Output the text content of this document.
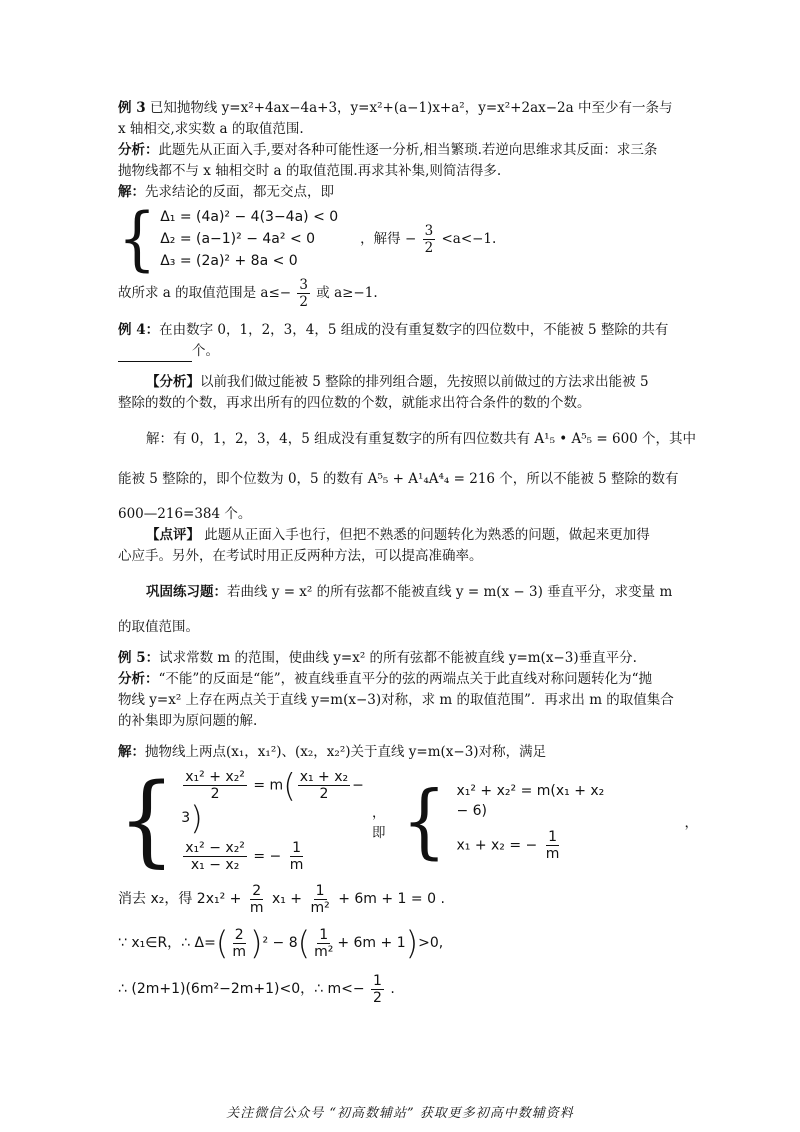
例 3 已知抛物线 y=x²+4ax−4a+3，y=x²+(a−1)x+a²，y=x²+2ax−2a 中至少有一条与

x 轴相交,求实数 a 的取值范围.

分析：此题先从正面入手,要对各种可能性逐一分析,相当繁琐.若逆向思维求其反面：求三条

抛物线都不与 x 轴相交时 a 的取值范围.再求其补集,则简洁得多.

解：先求结论的反面，都无交点，即

{ Δ₁ = (4a)² − 4(3−4a) < 0
Δ₂ = (a−1)² − 4a² < 0
Δ₃ = (2a)² + 8a < 0
，解得 − $\frac{3}{2} <a<-1$.

故所求 a 的取值范围是 $a\le- \frac{3}{2}$ 或 a≥−1.

例 4：在由数字 0，1，2，3，4，5 组成的没有重复数字的四位数中，不能被 5 整除的共有

个。

【分析】以前我们做过能被 5 整除的排列组合题，先按照以前做过的方法求出能被 5

整除的数的个数，再求出所有的四位数的个数，就能求出符合条件的数的个数。

解：有 0，1，2，3，4，5 组成没有重复数字的所有四位数共有 A¹₅ • A⁵₅ = 600 个，其中

能被 5 整除的，即个位数为 0，5 的数有 A⁵₅ + A¹₄A⁴₄ = 216 个，所以不能被 5 整除的数有

600—216=384 个。

【点评】 此题从正面入手也行，但把不熟悉的问题转化为熟悉的问题，做起来更加得

心应手。另外，在考试时用正反两种方法，可以提高准确率。

巩固练习题：若曲线 y = x² 的所有弦都不能被直线 y = m(x − 3) 垂直平分，求变量 m

的取值范围。

例 5：试求常数 m 的范围，使曲线 y=x² 的所有弦都不能被直线 y=m(x−3)垂直平分.

分析：“不能”的反面是“能”，被直线垂直平分的弦的两端点关于此直线对称问题转化为“抛

物线 y=x² 上存在两点关于直线 y=m(x−3)对称，求 m 的取值范围”．再求出 m 的取值集合

的补集即为原问题的解.

解：抛物线上两点(x₁，x₁²)、(x₂，x₂²)关于直线 y=m(x−3)对称，满足

{ $\frac{\text{x₁² + x₂²}}{2} = m( \frac{\text{x₁ + x₂}}{2} - 3)$
$\frac{\text{x₁² − x₂²}}{\text{x₁ − x₂}}$ = − $\frac{1}{m}$
，即 { x₁² + x₂² = m(x₁ + x₂ − 6)
x₁ + x₂ = − $\frac{1}{m}$
，

消去 x₂，得 $2x_1^2 + \frac{2}{m} x_1 + \frac{1}{\text{m²}} + 6m + 1 = 0$ .

∵ x₁∈R，∴ $\Delta=( \frac{2}{m} )^2 - 8( \frac{1}{\text{m²}} + 6m + 1)>0$,

∴ (2m+1)(6m²−2m+1)<0，∴ $m<- \frac{1}{2}$ .

关注微信公众号 “初高数辅站” 获取更多初高中数辅资料
